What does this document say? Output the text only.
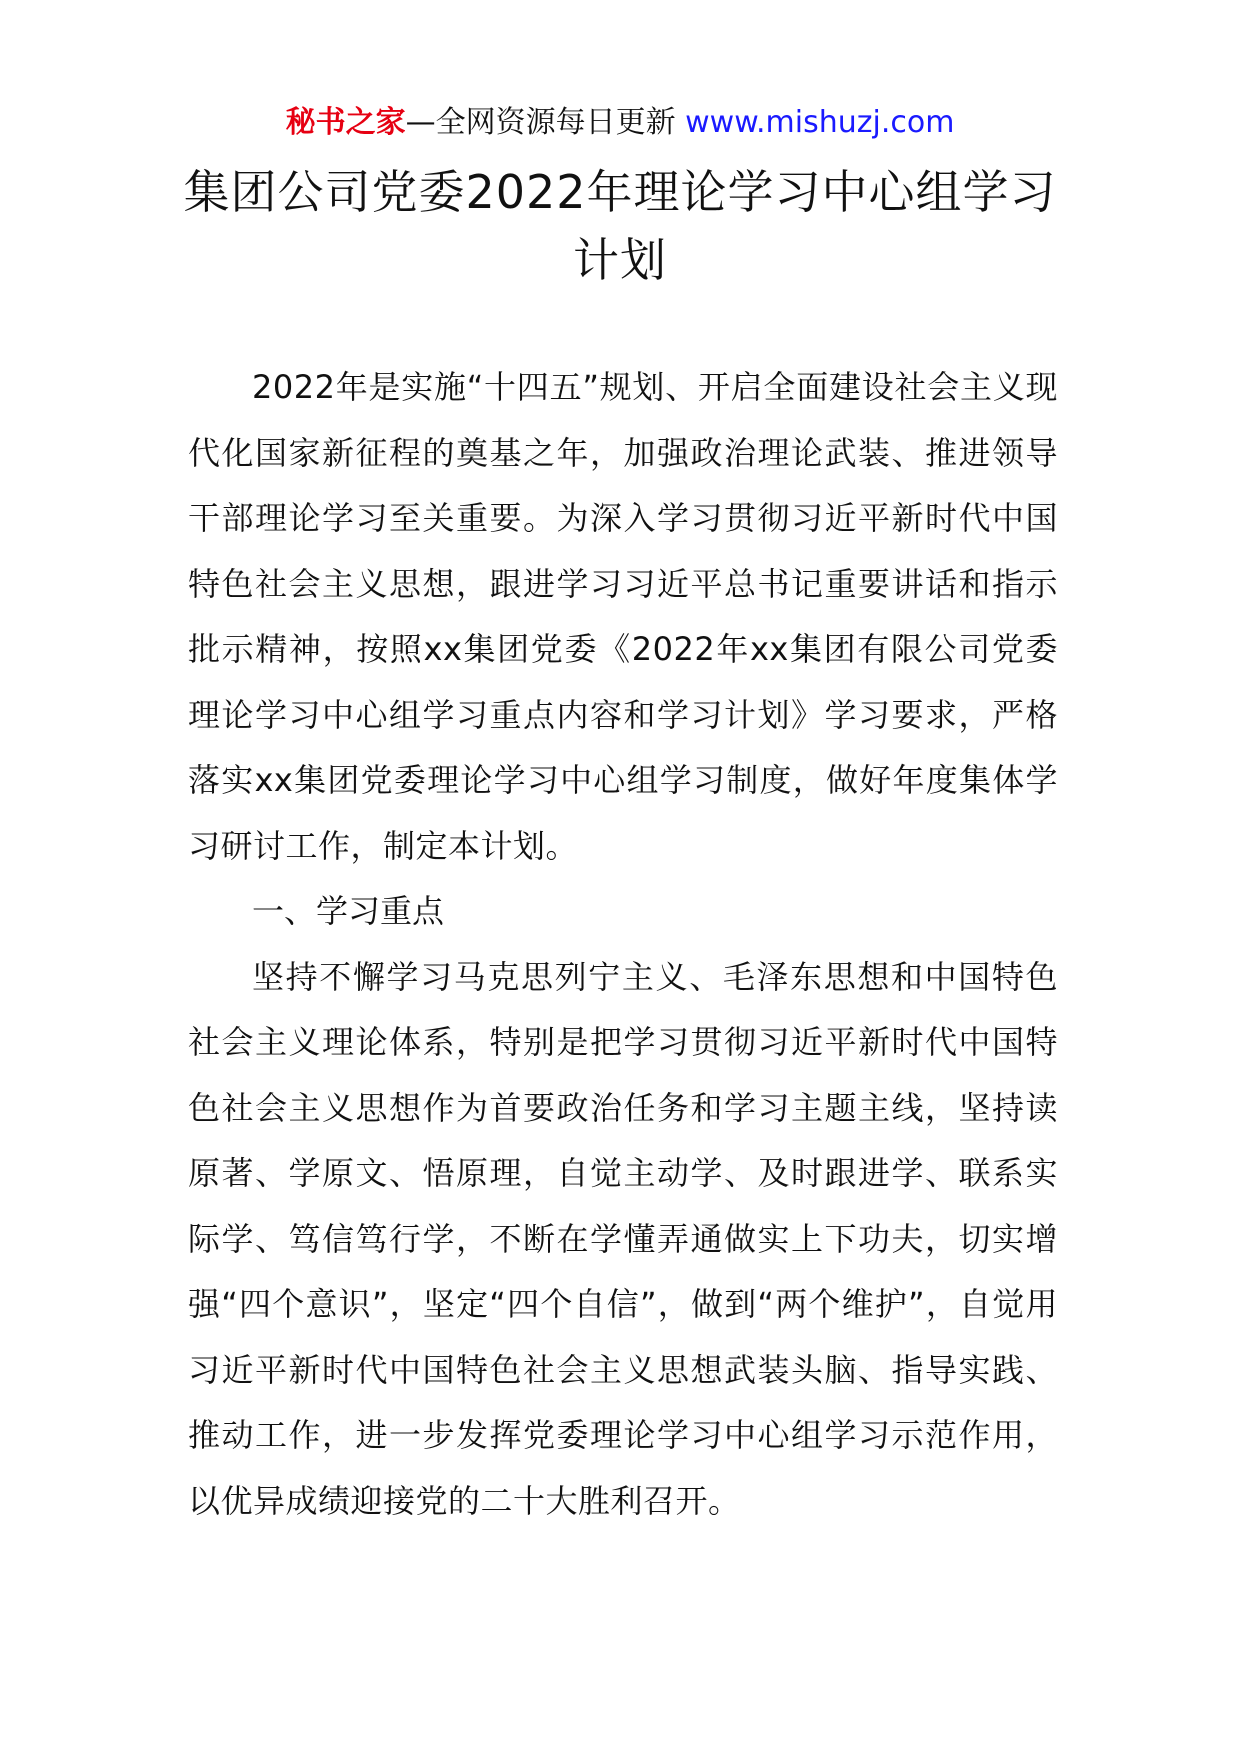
秘书之家—全网资源每日更新 www.mishuzj.com
集团公司党委2022年理论学习中心组学习计划

2022年是实施“十四五”规划、开启全面建设社会主义现代化国家新征程的奠基之年，加强政治理论武装、推进领导干部理论学习至关重要。为深入学习贯彻习近平新时代中国特色社会主义思想，跟进学习习近平总书记重要讲话和指示批示精神，按照xx集团党委《2022年xx集团有限公司党委理论学习中心组学习重点内容和学习计划》学习要求，严格落实xx集团党委理论学习中心组学习制度，做好年度集体学习研讨工作，制定本计划。

一、学习重点

坚持不懈学习马克思列宁主义、毛泽东思想和中国特色社会主义理论体系，特别是把学习贯彻习近平新时代中国特色社会主义思想作为首要政治任务和学习主题主线，坚持读原著、学原文、悟原理，自觉主动学、及时跟进学、联系实际学、笃信笃行学，不断在学懂弄通做实上下功夫，切实增强“四个意识”，坚定“四个自信”，做到“两个维护”，自觉用习近平新时代中国特色社会主义思想武装头脑、指导实践、推动工作，进一步发挥党委理论学习中心组学习示范作用，以优异成绩迎接党的二十大胜利召开。
